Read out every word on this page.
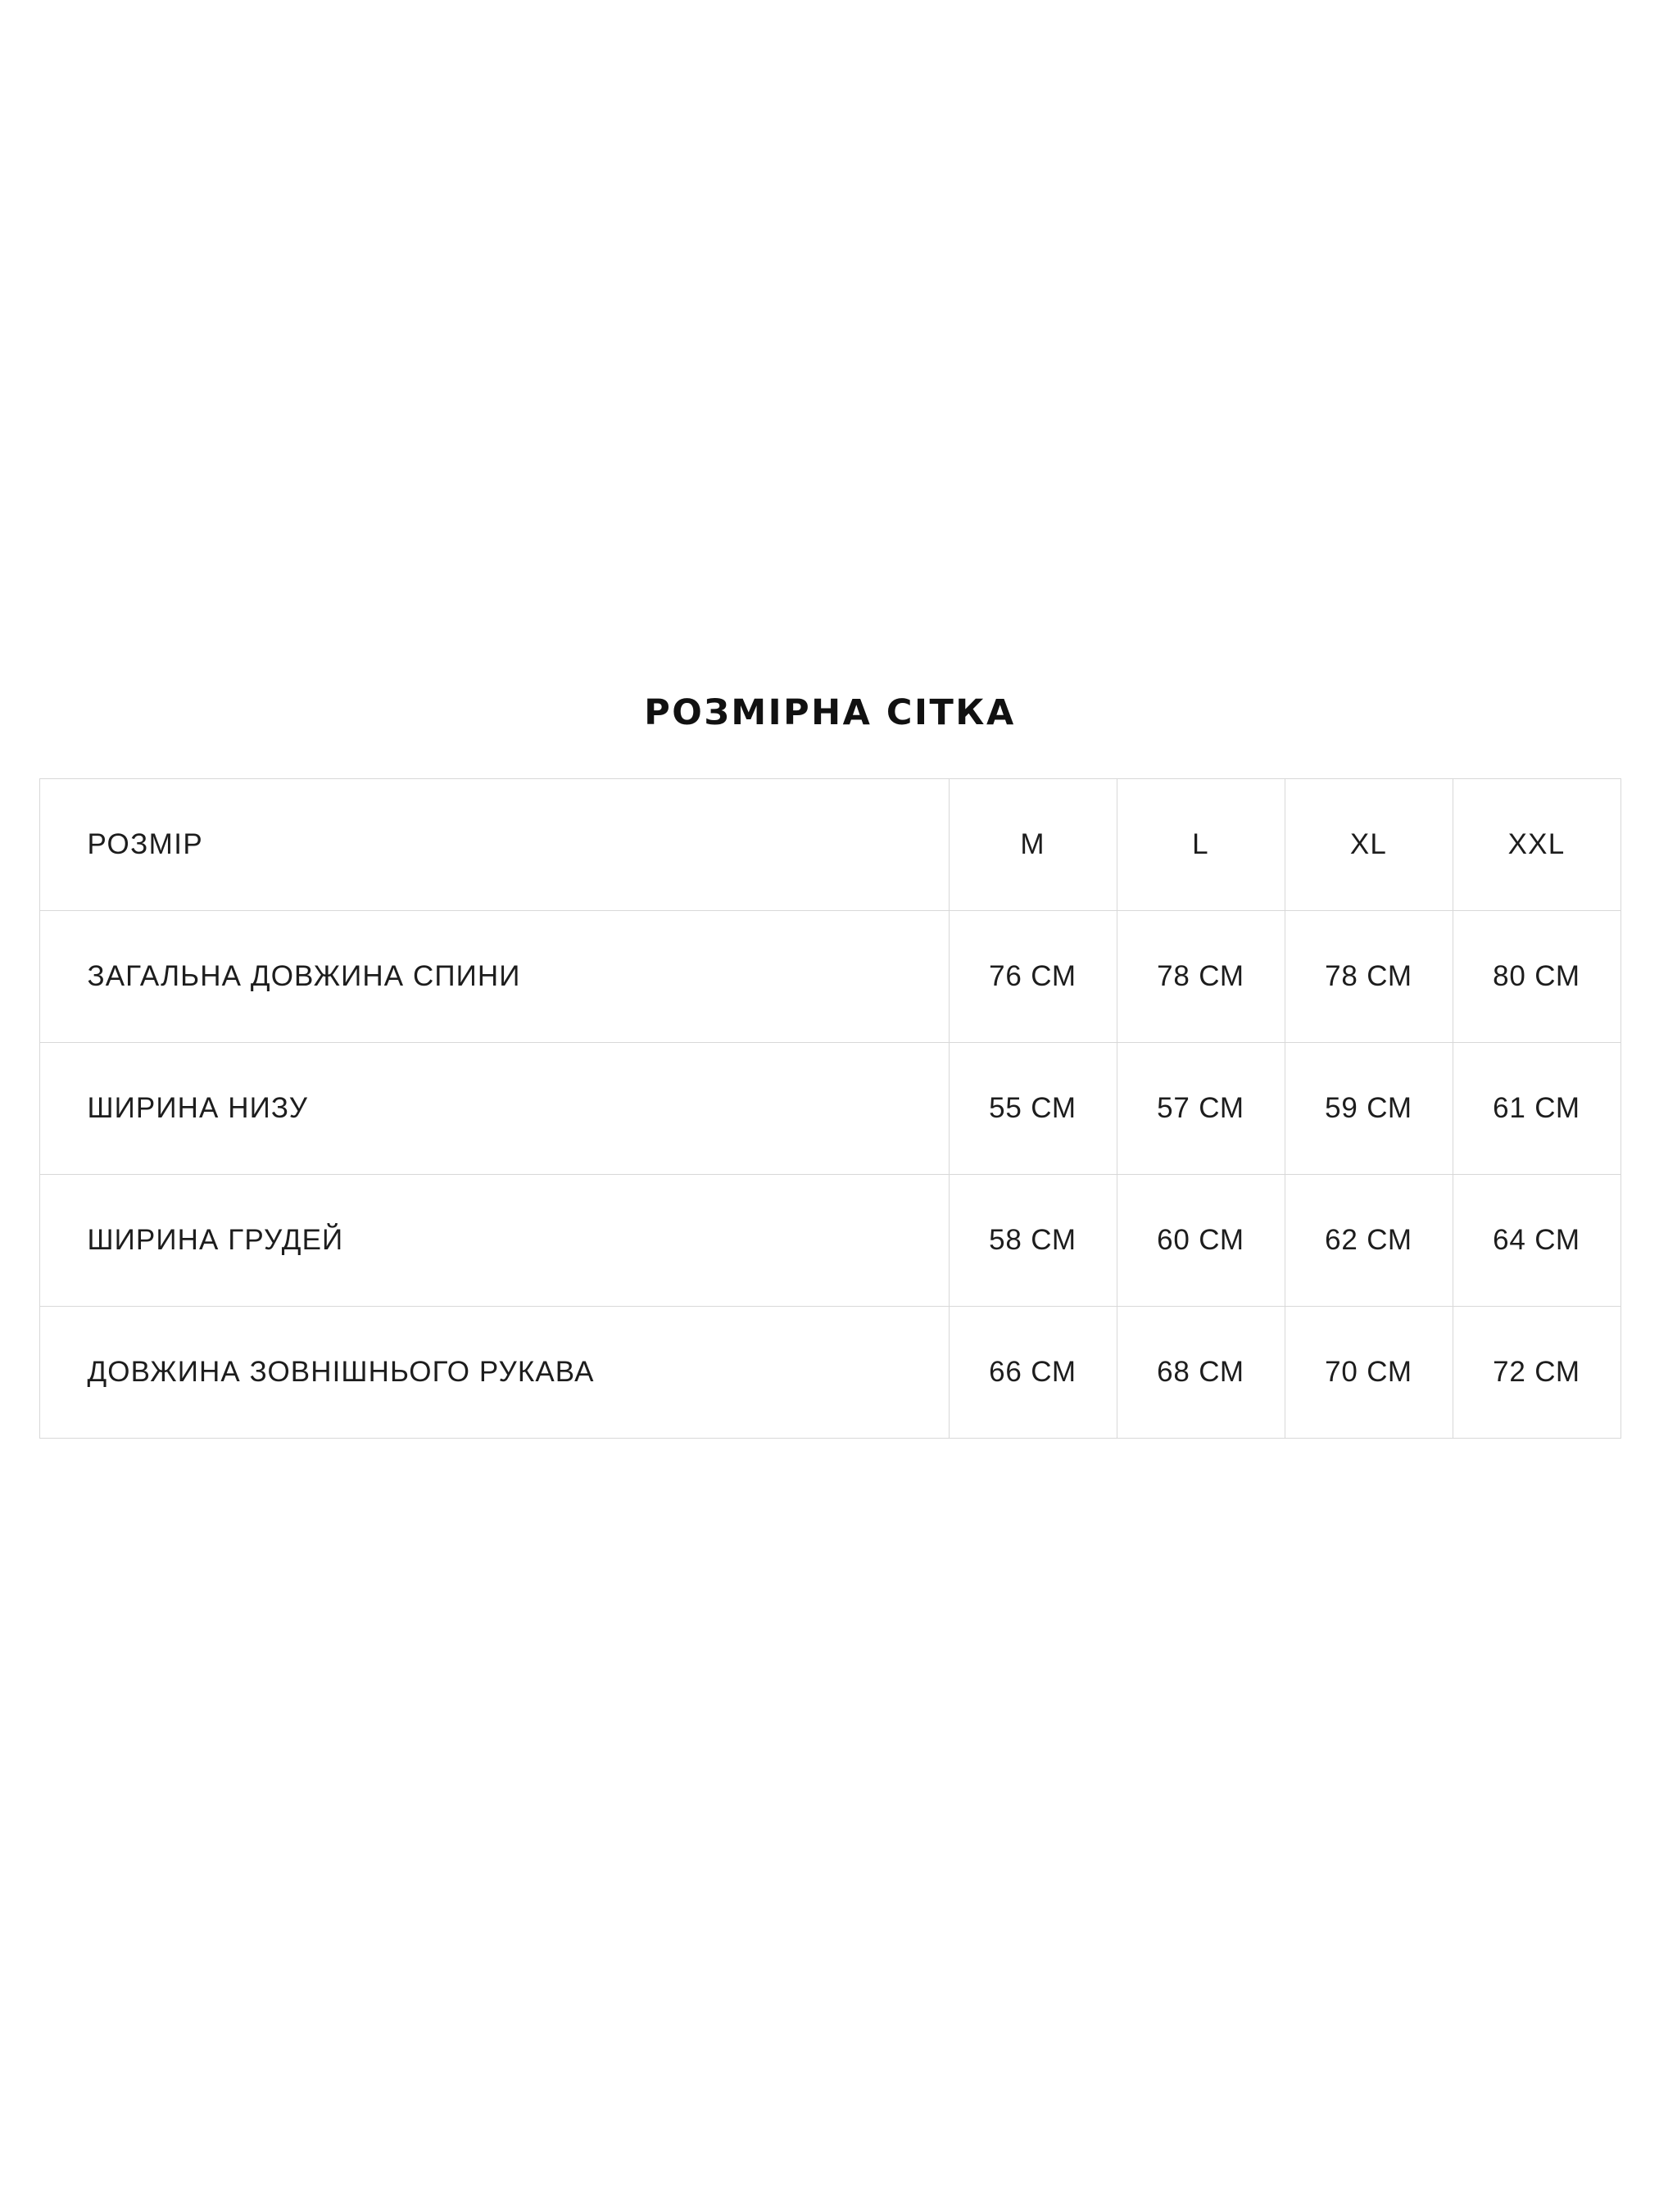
РОЗМІРНА СІТКА
РОЗМІР	M	L	XL	XXL
ЗАГАЛЬНА ДОВЖИНА СПИНИ	76 СМ	78 СМ	78 СМ	80 СМ
ШИРИНА НИЗУ	55 СМ	57 СМ	59 СМ	61 СМ
ШИРИНА ГРУДЕЙ	58 СМ	60 СМ	62 СМ	64 СМ
ДОВЖИНА ЗОВНІШНЬОГО РУКАВА	66 СМ	68 СМ	70 СМ	72 СМ
